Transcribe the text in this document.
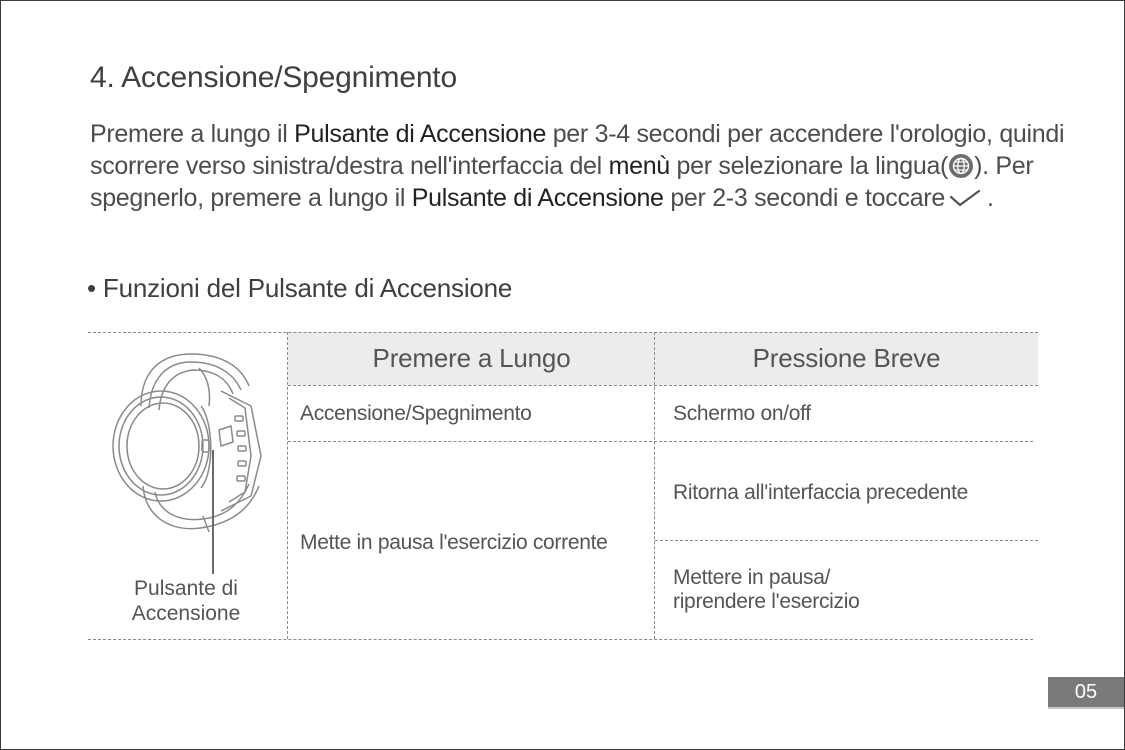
4. Accensione/Spegnimento
Premere a lungo il Pulsante di Accensione per 3-4 secondi per accendere l'orologio, quindi scorrere verso sinistra/destra nell'interfaccia del menù per selezionare la lingua( ). Per spegnerlo, premere a lungo il Pulsante di Accensione per 2-3 secondi e toccare .
• Funzioni del Pulsante di Accensione
Premere a Lungo	Pressione Breve
Accensione/Spegnimento	Schermo on/off
Mette in pausa l'esercizio corrente
Ritorna all'interfaccia precedente
Mettere in pausa/
riprendere l'esercizio
Pulsante di
Accensione
05
